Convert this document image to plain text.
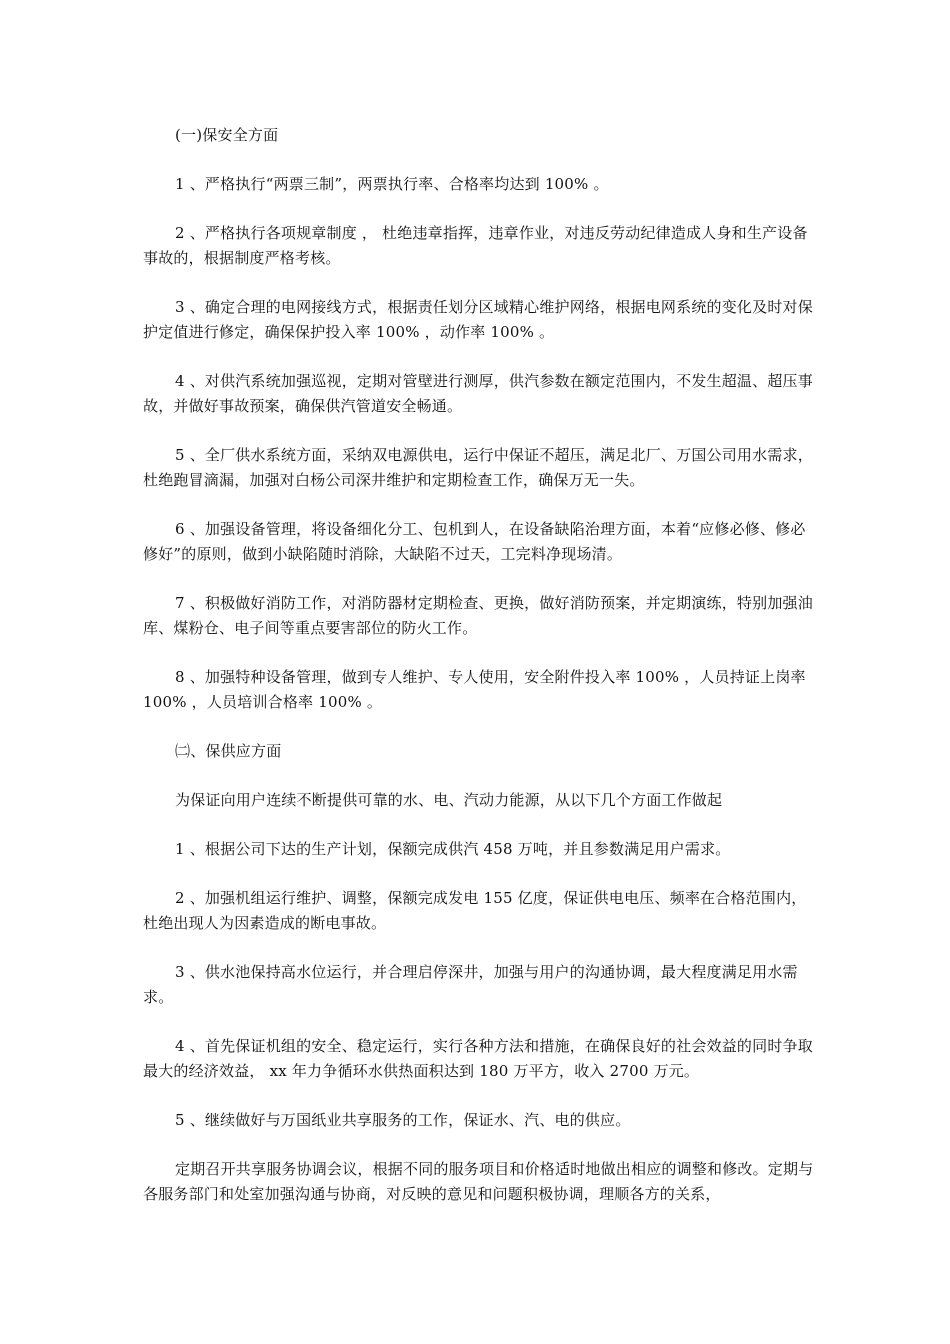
(一)保安全方面

1 、严格执行“两票三制”，两票执行率、合格率均达到 100% 。

2 、严格执行各项规章制度 ， 杜绝违章指挥，违章作业，对违反劳动纪律造成人身和生产设备事故的，根据制度严格考核。

3 、确定合理的电网接线方式，根据责任划分区域精心维护网络，根据电网系统的变化及时对保护定值进行修定，确保保护投入率 100% ，动作率 100% 。

4 、对供汽系统加强巡视，定期对管壁进行测厚，供汽参数在额定范围内，不发生超温、超压事故，并做好事故预案，确保供汽管道安全畅通。

5 、全厂供水系统方面，采纳双电源供电，运行中保证不超压，满足北厂、万国公司用水需求，杜绝跑冒滴漏，加强对白杨公司深井维护和定期检查工作，确保万无一失。

6 、加强设备管理，将设备细化分工、包机到人，在设备缺陷治理方面，本着“应修必修、修必修好”的原则，做到小缺陷随时消除，大缺陷不过天，工完料净现场清。

7 、积极做好消防工作，对消防器材定期检查、更换，做好消防预案，并定期演练，特别加强油库、煤粉仓、电子间等重点要害部位的防火工作。

8 、加强特种设备管理，做到专人维护、专人使用，安全附件投入率 100% ，人员持证上岗率 100% ，人员培训合格率 100% 。

㈡、保供应方面

为保证向用户连续不断提供可靠的水、电、汽动力能源，从以下几个方面工作做起

1 、根据公司下达的生产计划，保额完成供汽 458 万吨，并且参数满足用户需求。

2 、加强机组运行维护、调整，保额完成发电 155 亿度，保证供电电压、频率在合格范围内，杜绝出现人为因素造成的断电事故。

3 、供水池保持高水位运行，并合理启停深井，加强与用户的沟通协调，最大程度满足用水需求。

4 、首先保证机组的安全、稳定运行，实行各种方法和措施，在确保良好的社会效益的同时争取最大的经济效益， xx 年力争循环水供热面积达到 180 万平方，收入 2700 万元。

5 、继续做好与万国纸业共享服务的工作，保证水、汽、电的供应。

定期召开共享服务协调会议，根据不同的服务项目和价格适时地做出相应的调整和修改。定期与各服务部门和处室加强沟通与协商，对反映的意见和问题积极协调，理顺各方的关系，
